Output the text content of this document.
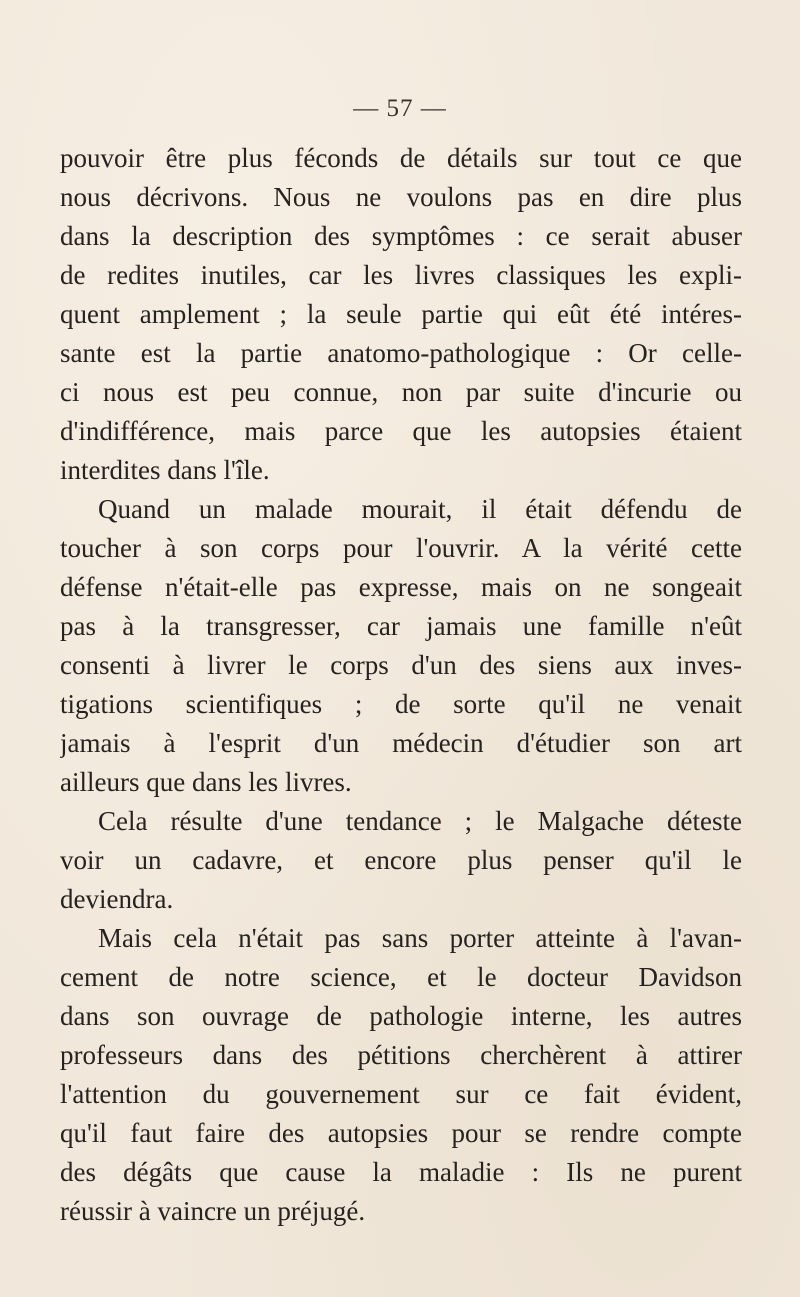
— 57 —
pouvoir être plus féconds de détails sur tout ce que
nous décrivons. Nous ne voulons pas en dire plus
dans la description des symptômes : ce serait abuser
de redites inutiles, car les livres classiques les expli-
quent amplement ; la seule partie qui eût été intéres-
sante est la partie anatomo-pathologique : Or celle-
ci nous est peu connue, non par suite d'incurie ou
d'indifférence, mais parce que les autopsies étaient
interdites dans l'île.
Quand un malade mourait, il était défendu de
toucher à son corps pour l'ouvrir. A la vérité cette
défense n'était-elle pas expresse, mais on ne songeait
pas à la transgresser, car jamais une famille n'eût
consenti à livrer le corps d'un des siens aux inves-
tigations scientifiques ; de sorte qu'il ne venait
jamais à l'esprit d'un médecin d'étudier son art
ailleurs que dans les livres.
Cela résulte d'une tendance ; le Malgache déteste
voir un cadavre, et encore plus penser qu'il le
deviendra.
Mais cela n'était pas sans porter atteinte à l'avan-
cement de notre science, et le docteur Davidson
dans son ouvrage de pathologie interne, les autres
professeurs dans des pétitions cherchèrent à attirer
l'attention du gouvernement sur ce fait évident,
qu'il faut faire des autopsies pour se rendre compte
des dégâts que cause la maladie : Ils ne purent
réussir à vaincre un préjugé.
